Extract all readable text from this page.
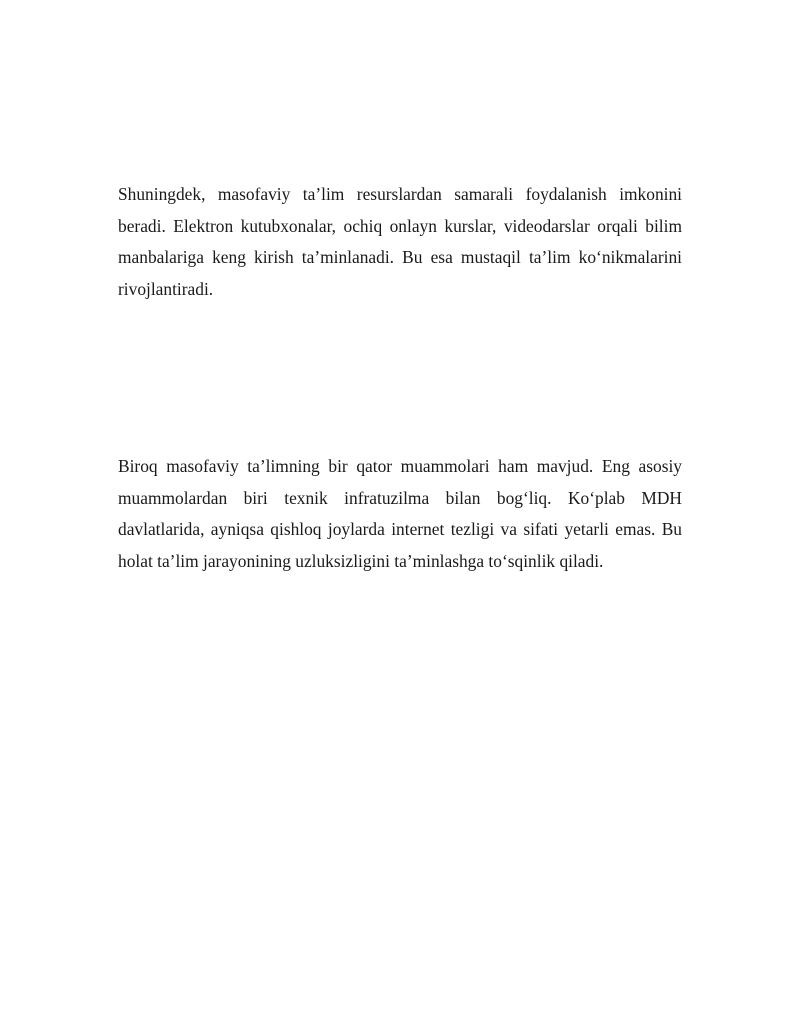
Shuningdek, masofaviy ta’lim resurslardan samarali foydalanish imkonini beradi. Elektron kutubxonalar, ochiq onlayn kurslar, videodarslar orqali bilim manbalariga keng kirish ta’minlanadi. Bu esa mustaqil ta’lim ko‘nikmalarini rivojlantiradi.

Biroq masofaviy ta’limning bir qator muammolari ham mavjud. Eng asosiy muammolardan biri texnik infratuzilma bilan bog‘liq. Ko‘plab MDH davlatlarida, ayniqsa qishloq joylarda internet tezligi va sifati yetarli emas. Bu holat ta’lim jarayonining uzluksizligini ta’minlashga to‘sqinlik qiladi.
